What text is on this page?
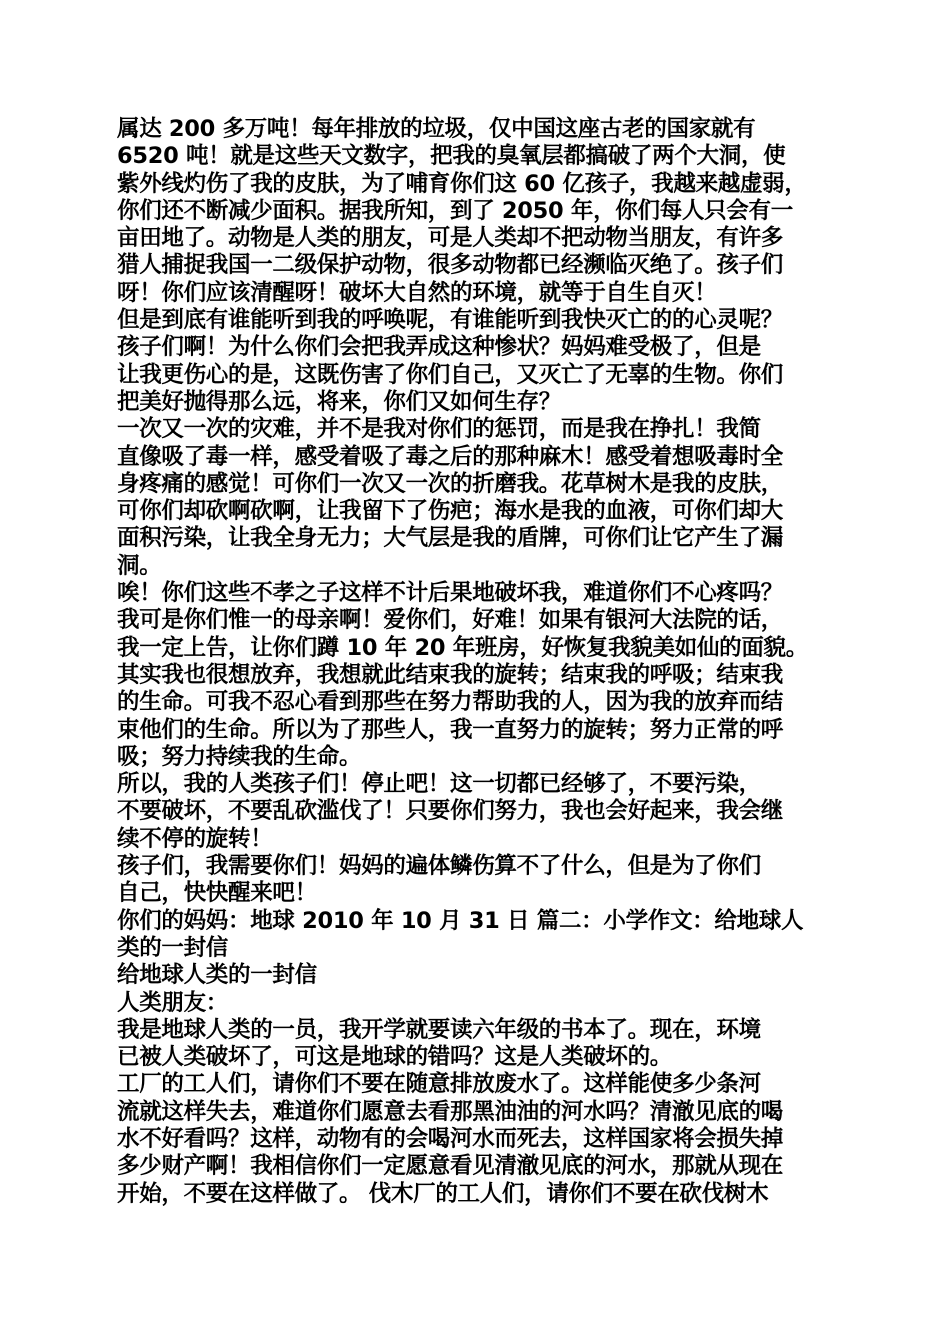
属达 200 多万吨！每年排放的垃圾，仅中国这座古老的国家就有
6520 吨！就是这些天文数字，把我的臭氧层都搞破了两个大洞，使
紫外线灼伤了我的皮肤，为了哺育你们这 60 亿孩子，我越来越虚弱，
你们还不断减少面积。据我所知，到了 2050 年，你们每人只会有一
亩田地了。动物是人类的朋友，可是人类却不把动物当朋友，有许多
猎人捕捉我国一二级保护动物，很多动物都已经濒临灭绝了。孩子们
呀！你们应该清醒呀！破坏大自然的环境，就等于自生自灭！
但是到底有谁能听到我的呼唤呢，有谁能听到我快灭亡的的心灵呢？
孩子们啊！为什么你们会把我弄成这种惨状？妈妈难受极了，但是
让我更伤心的是，这既伤害了你们自己，又灭亡了无辜的生物。你们
把美好抛得那么远，将来，你们又如何生存？
一次又一次的灾难，并不是我对你们的惩罚，而是我在挣扎！我简
直像吸了毒一样，感受着吸了毒之后的那种麻木！感受着想吸毒时全
身疼痛的感觉！可你们一次又一次的折磨我。花草树木是我的皮肤，
可你们却砍啊砍啊，让我留下了伤疤；海水是我的血液，可你们却大
面积污染，让我全身无力；大气层是我的盾牌，可你们让它产生了漏
洞。
唉！你们这些不孝之子这样不计后果地破坏我，难道你们不心疼吗？
我可是你们惟一的母亲啊！爱你们，好难！如果有银河大法院的话，
我一定上告，让你们蹲 10 年 20 年班房，好恢复我貌美如仙的面貌。
其实我也很想放弃，我想就此结束我的旋转；结束我的呼吸；结束我
的生命。可我不忍心看到那些在努力帮助我的人，因为我的放弃而结
束他们的生命。所以为了那些人，我一直努力的旋转；努力正常的呼
吸；努力持续我的生命。
所以，我的人类孩子们！停止吧！这一切都已经够了，不要污染，
不要破坏，不要乱砍滥伐了！只要你们努力，我也会好起来，我会继
续不停的旋转！
孩子们，我需要你们！妈妈的遍体鳞伤算不了什么，但是为了你们
自己，快快醒来吧！
你们的妈妈：地球 2010 年 10 月 31 日 篇二：小学作文：给地球人
类的一封信
给地球人类的一封信
人类朋友：
我是地球人类的一员，我开学就要读六年级的书本了。现在，环境
已被人类破坏了，可这是地球的错吗？这是人类破坏的。
工厂的工人们，请你们不要在随意排放废水了。这样能使多少条河
流就这样失去，难道你们愿意去看那黑油油的河水吗？清澈见底的喝
水不好看吗？这样，动物有的会喝河水而死去，这样国家将会损失掉
多少财产啊！我相信你们一定愿意看见清澈见底的河水，那就从现在
开始，不要在这样做了。 伐木厂的工人们，请你们不要在砍伐树木
